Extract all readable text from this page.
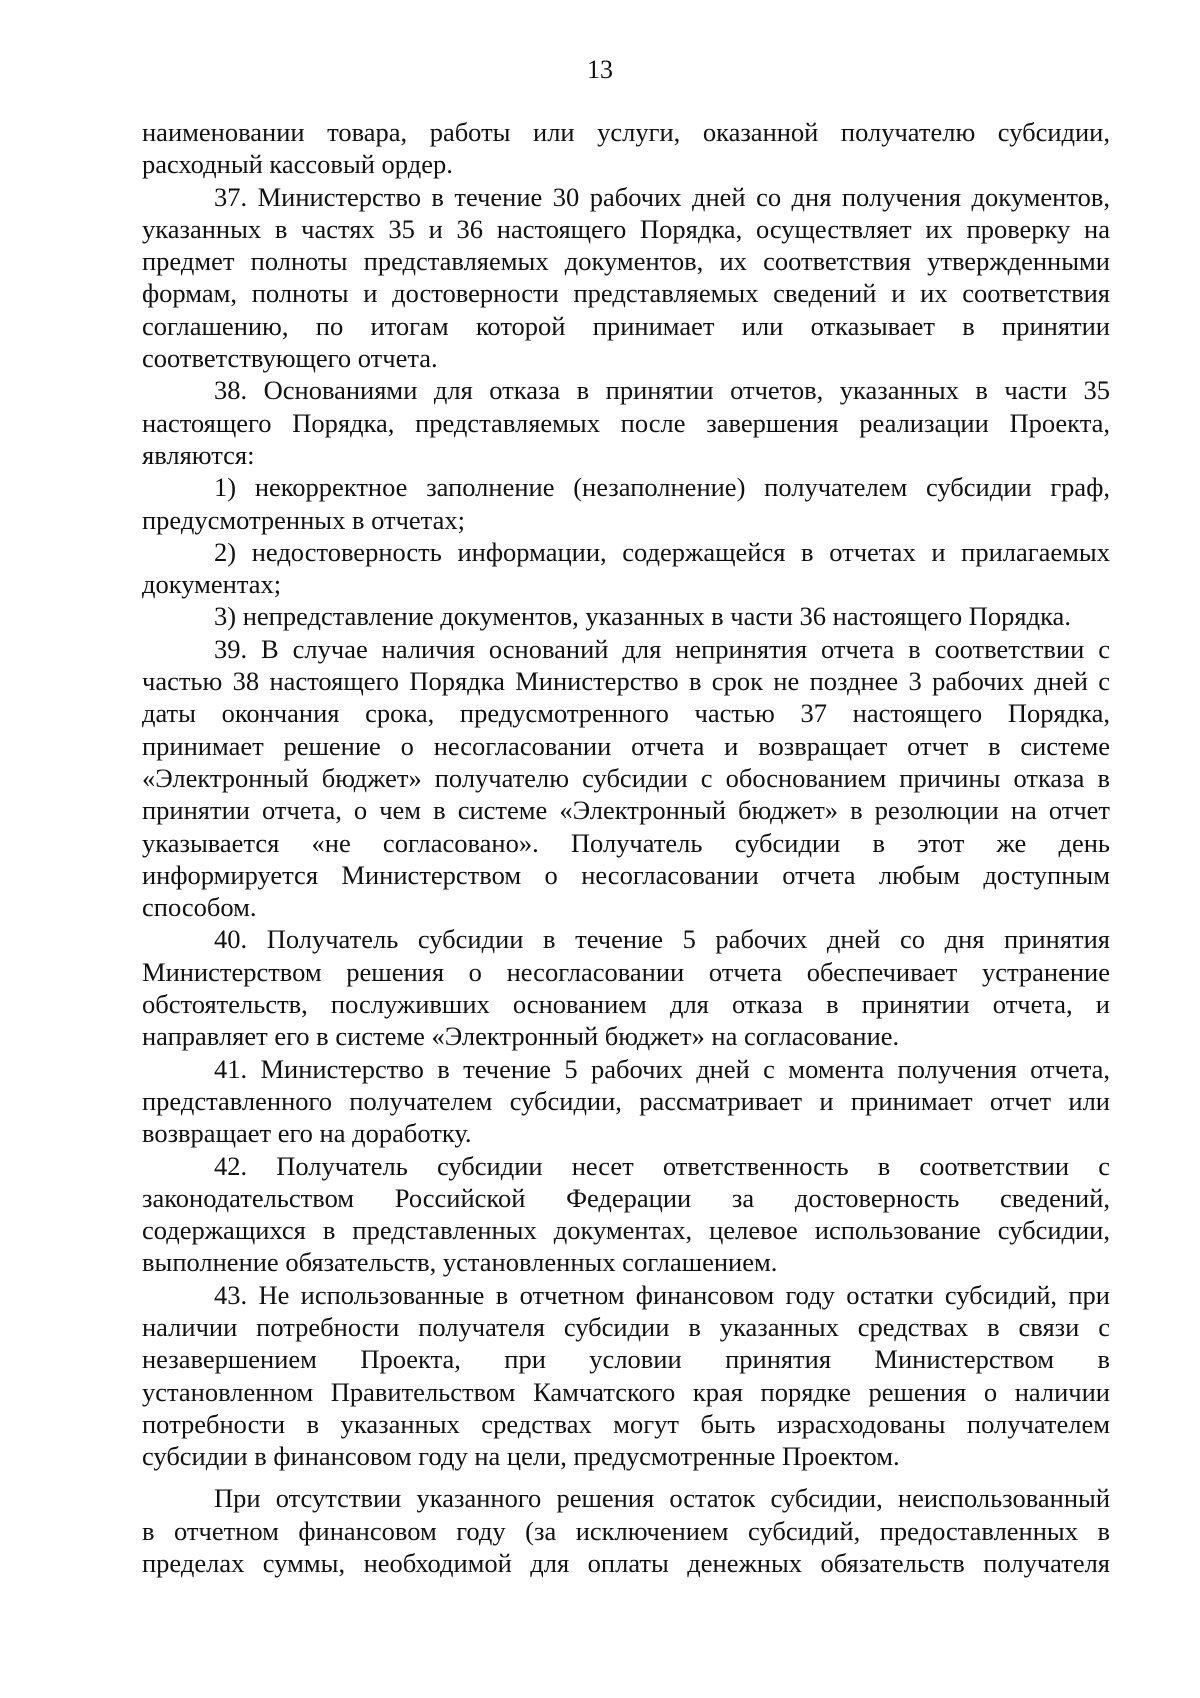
13
наименовании товара, работы или услуги, оказанной получателю субсидии,
расходный кассовый ордер.
37. Министерство в течение 30 рабочих дней со дня получения документов,
указанных в частях 35 и 36 настоящего Порядка, осуществляет их проверку на
предмет полноты представляемых документов, их соответствия утвержденными
формам, полноты и достоверности представляемых сведений и их соответствия
соглашению, по итогам которой принимает или отказывает в принятии
соответствующего отчета.
38. Основаниями для отказа в принятии отчетов, указанных в части 35
настоящего Порядка, представляемых после завершения реализации Проекта,
являются:
1) некорректное заполнение (незаполнение) получателем субсидии граф,
предусмотренных в отчетах;
2) недостоверность информации, содержащейся в отчетах и прилагаемых
документах;
3) непредставление документов, указанных в части 36 настоящего Порядка.
39. В случае наличия оснований для непринятия отчета в соответствии с
частью 38 настоящего Порядка Министерство в срок не позднее 3 рабочих дней с
даты окончания срока, предусмотренного частью 37 настоящего Порядка,
принимает решение о несогласовании отчета и возвращает отчет в системе
«Электронный бюджет» получателю субсидии с обоснованием причины отказа в
принятии отчета, о чем в системе «Электронный бюджет» в резолюции на отчет
указывается «не согласовано». Получатель субсидии в этот же день
информируется Министерством о несогласовании отчета любым доступным
способом.
40. Получатель субсидии в течение 5 рабочих дней со дня принятия
Министерством решения о несогласовании отчета обеспечивает устранение
обстоятельств, послуживших основанием для отказа в принятии отчета, и
направляет его в системе «Электронный бюджет» на согласование.
41. Министерство в течение 5 рабочих дней с момента получения отчета,
представленного получателем субсидии, рассматривает и принимает отчет или
возвращает его на доработку.
42. Получатель субсидии несет ответственность в соответствии с
законодательством Российской Федерации за достоверность сведений,
содержащихся в представленных документах, целевое использование субсидии,
выполнение обязательств, установленных соглашением.
43. Не использованные в отчетном финансовом году остатки субсидий, при
наличии потребности получателя субсидии в указанных средствах в связи с
незавершением Проекта, при условии принятия Министерством в
установленном Правительством Камчатского края порядке решения о наличии
потребности в указанных средствах могут быть израсходованы получателем
субсидии в финансовом году на цели, предусмотренные Проектом.
При отсутствии указанного решения остаток субсидии, неиспользованный
в отчетном финансовом году (за исключением субсидий, предоставленных в
пределах суммы, необходимой для оплаты денежных обязательств получателя
